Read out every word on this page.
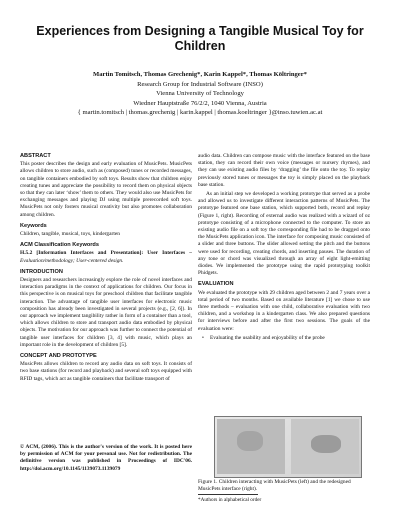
Experiences from Designing a Tangible Musical Toy for Children
Martin Tomitsch, Thomas Grechenig*, Karin Kappel*, Thomas Költringer*
Research Group for Industrial Software (INSO)
Vienna University of Technology
Wiedner Hauptstraße 76/2/2, 1040 Vienna, Austria
{ martin.tomitsch | thomas.grechenig | karin.kappel | thomas.koeltringer }@inso.tuwien.ac.at
ABSTRACT

This poster describes the design and early evaluation of MusicPets. MusicPets allows children to store audio, such as (composed) tunes or recorded messages, on tangible containers embodied by soft toys. Results show that children enjoy creating tunes and appreciate the possibility to record them on physical objects so that they can later ‘show’ them to others. They would also use MusicPets for exchanging messages and playing DJ using multiple prerecorded soft toys. MusicPets not only fosters musical creativity but also promotes collaboration among children.

Keywords

Children, tangible, musical, toys, kindergarten

ACM Classification Keywords

H.5.2 [Information Interfaces and Presentation]: User Interfaces – Evaluation/methodology; User-centered design.

INTRODUCTION

Designers and researchers increasingly explore the role of novel interfaces and interaction paradigms in the context of applications for children. Our focus in this perspective is on musical toys for preschool children that facilitate tangible interaction. The advantage of tangible user interfaces for electronic music composition has already been investigated in several projects (e.g., [2, 6]). In our approach we implement tangibility rather in form of a container than a tool, which allows children to store and transport audio data embodied by physical objects. The motivation for our approach was further to connect the potential of tangible user interfaces for children [3, 4] with music, which plays an important role in the development of children [5].

CONCEPT AND PROTOTYPE

MusicPets allows children to record any audio data on soft toys. It consists of two base stations (for record and playback) and several soft toys equipped with RFID tags, which act as tangible containers that facilitate transport of

© ACM, (2006). This is the author's version of the work. It is posted here by permission of ACM for your personal use. Not for redistribution. The definitive version was published in Proceedings of IDC'06. http://doi.acm.org/10.1145/1139073.1139079

audio data. Children can compose music with the interface featured on the base station, they can record their own voice (messages or nursery rhymes), and they can use existing audio files by ‘dragging’ the file onto the toy. To replay previously stored tunes or messages the toy is simply placed on the playback base station.

As an initial step we developed a working prototype that served as a probe and allowed us to investigate different interaction patterns of MusicPets. The prototype featured one base station, which supported both, record and replay (Figure 1, right). Recording of external audio was realized with a wizard of oz prototype consisting of a microphone connected to the computer. To store an existing audio file on a soft toy the corresponding file had to be dragged onto the MusicPets application icon. The interface for composing music consisted of a slider and three buttons. The slider allowed setting the pitch and the buttons were used for recording, creating chords, and inserting pauses. The duration of any tone or chord was visualized through an array of eight light-emitting diodes. We implemented the prototype using the rapid prototyping toolkit Phidgets.

EVALUATION

We evaluated the prototype with 29 children aged between 2 and 7 years over a total period of two months. Based on available literature [1] we chose to use three methods – evaluation with one child, collaborative evaluation with two children, and a workshop in a kindergarten class. We also prepared questions for interviews before and after the first two sessions. The goals of the evaluation were:

• Evaluating the usability and enjoyability of the probe

Figure 1. Children interacting with MusicPets (left) and the redesigned MusicPets interface (right).
*Authors in alphabetical order
